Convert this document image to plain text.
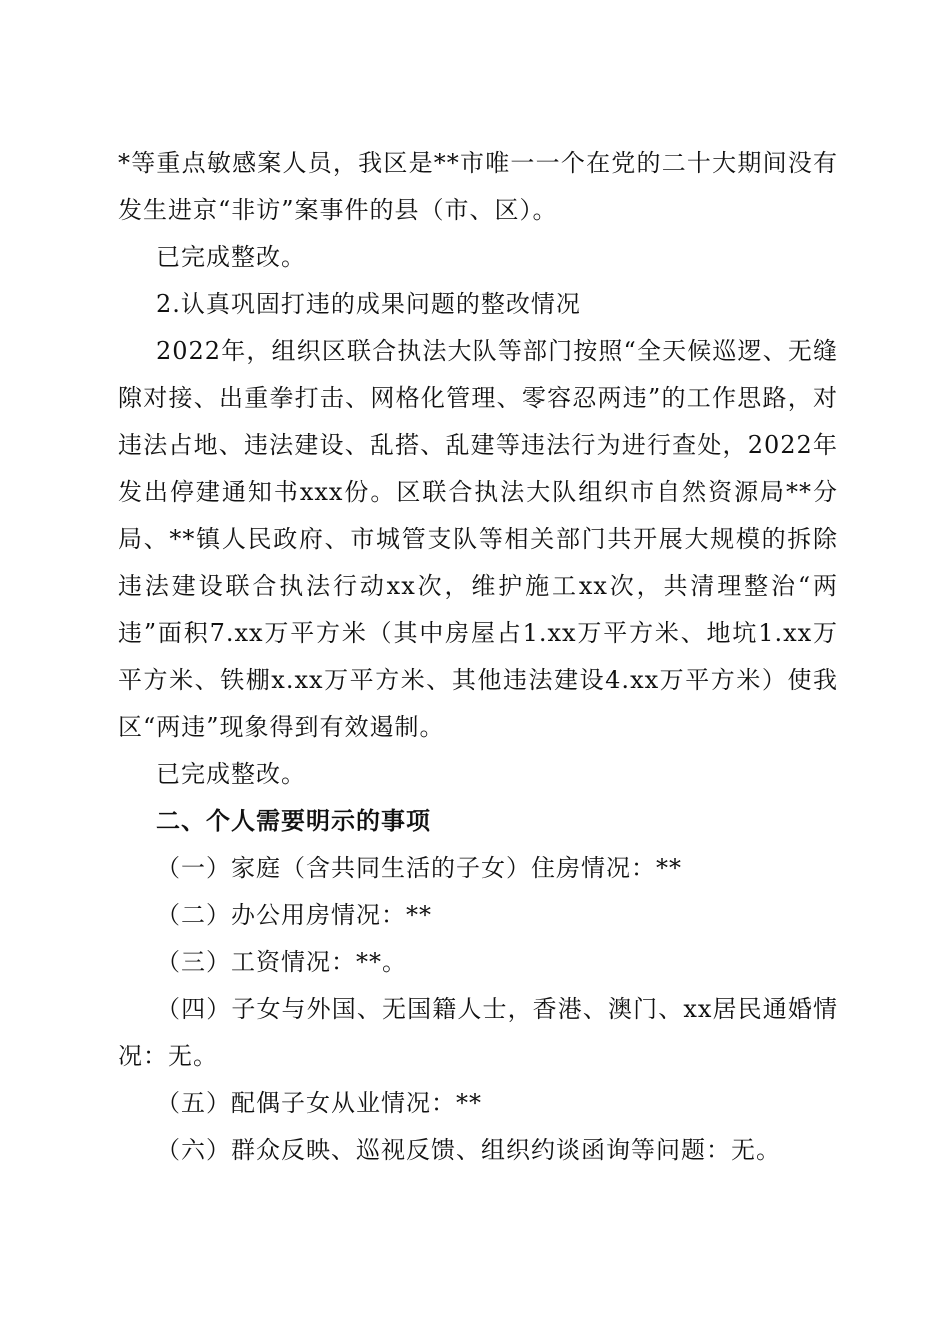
*等重点敏感案人员，我区是**市唯一一个在党的二十大期间没有发生进京“非访”案事件的县（市、区）。

已完成整改。

2.认真巩固打违的成果问题的整改情况

2022年，组织区联合执法大队等部门按照“全天候巡逻、无缝隙对接、出重拳打击、网格化管理、零容忍两违”的工作思路，对违法占地、违法建设、乱搭、乱建等违法行为进行查处，2022年发出停建通知书xxx份。区联合执法大队组织市自然资源局**分局、**镇人民政府、市城管支队等相关部门共开展大规模的拆除违法建设联合执法行动xx次，维护施工xx次，共清理整治“两违”面积7.xx万平方米（其中房屋占1.xx万平方米、地坑1.xx万平方米、铁棚x.xx万平方米、其他违法建设4.xx万平方米）使我区“两违”现象得到有效遏制。

已完成整改。

二、个人需要明示的事项

（一）家庭（含共同生活的子女）住房情况：**

（二）办公用房情况：**

（三）工资情况：**。

（四）子女与外国、无国籍人士，香港、澳门、xx居民通婚情况：无。

（五）配偶子女从业情况：**

（六）群众反映、巡视反馈、组织约谈函询等问题：无。
